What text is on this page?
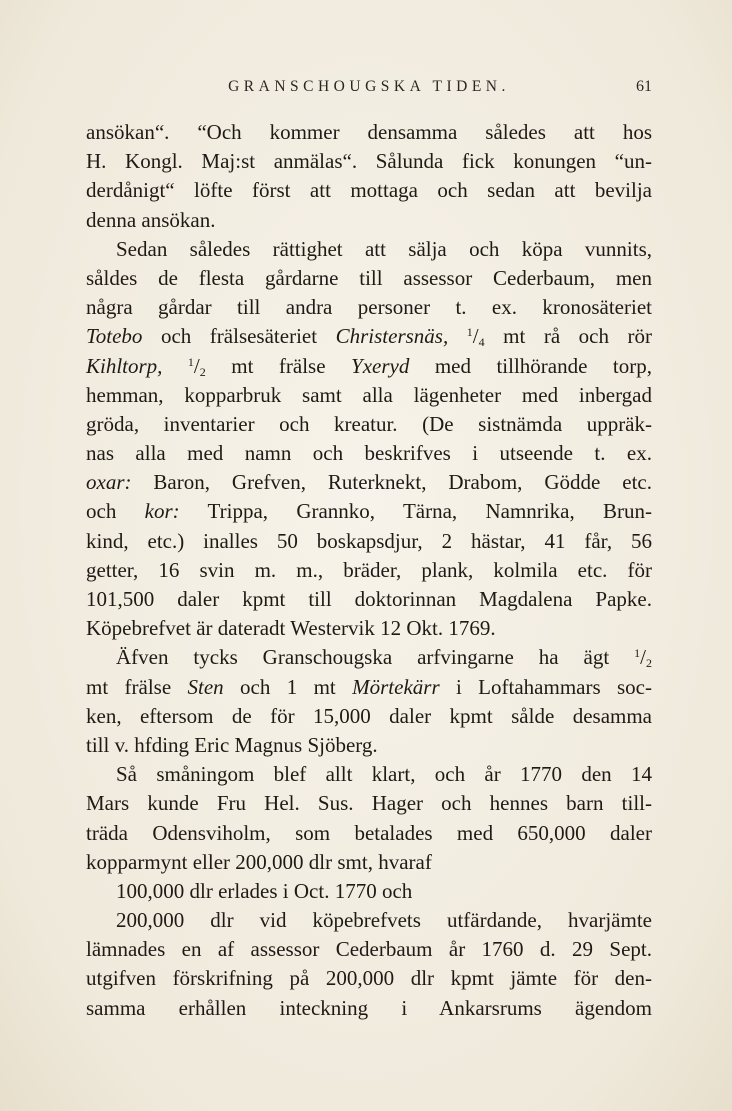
GRANSCHOUGSKA TIDEN.	61
ansökan“. “Och kommer densamma således att hos
H. Kongl. Maj:st anmälas“. Sålunda fick konungen “un-
derdånigt“ löfte först att mottaga och sedan att bevilja
denna ansökan.
Sedan således rättighet att sälja och köpa vunnits,
såldes de flesta gårdarne till assessor Cederbaum, men
några gårdar till andra personer t. ex. kronosäteriet
Totebo och frälsesäteriet Christersnäs, $^1/_4$ mt rå och rör
Kihltorp, $^1/_2$ mt frälse Yxeryd med tillhörande torp,
hemman, kopparbruk samt alla lägenheter med inbergad
gröda, inventarier och kreatur. (De sistnämda uppräk-
nas alla med namn och beskrifves i utseende t. ex.
oxar: Baron, Grefven, Ruterknekt, Drabom, Gödde etc.
och kor: Trippa, Grannko, Tärna, Namnrika, Brun-
kind, etc.) inalles 50 boskapsdjur, 2 hästar, 41 får, 56
getter, 16 svin m. m., bräder, plank, kolmila etc. för
101,500 daler kpmt till doktorinnan Magdalena Papke.
Köpebrefvet är dateradt Westervik 12 Okt. 1769.
Äfven tycks Granschougska arfvingarne ha ägt $^1/_2$
mt frälse Sten och 1 mt Mörtekärr i Loftahammars soc-
ken, eftersom de för 15,000 daler kpmt sålde desamma
till v. hfding Eric Magnus Sjöberg.
Så småningom blef allt klart, och år 1770 den 14
Mars kunde Fru Hel. Sus. Hager och hennes barn till-
träda Odensviholm, som betalades med 650,000 daler
kopparmynt eller 200,000 dlr smt, hvaraf
100,000 dlr erlades i Oct. 1770 och
200,000 dlr vid köpebrefvets utfärdande, hvarjämte
lämnades en af assessor Cederbaum år 1760 d. 29 Sept.
utgifven förskrifning på 200,000 dlr kpmt jämte för den-
samma erhållen inteckning i Ankarsrums ägendom
